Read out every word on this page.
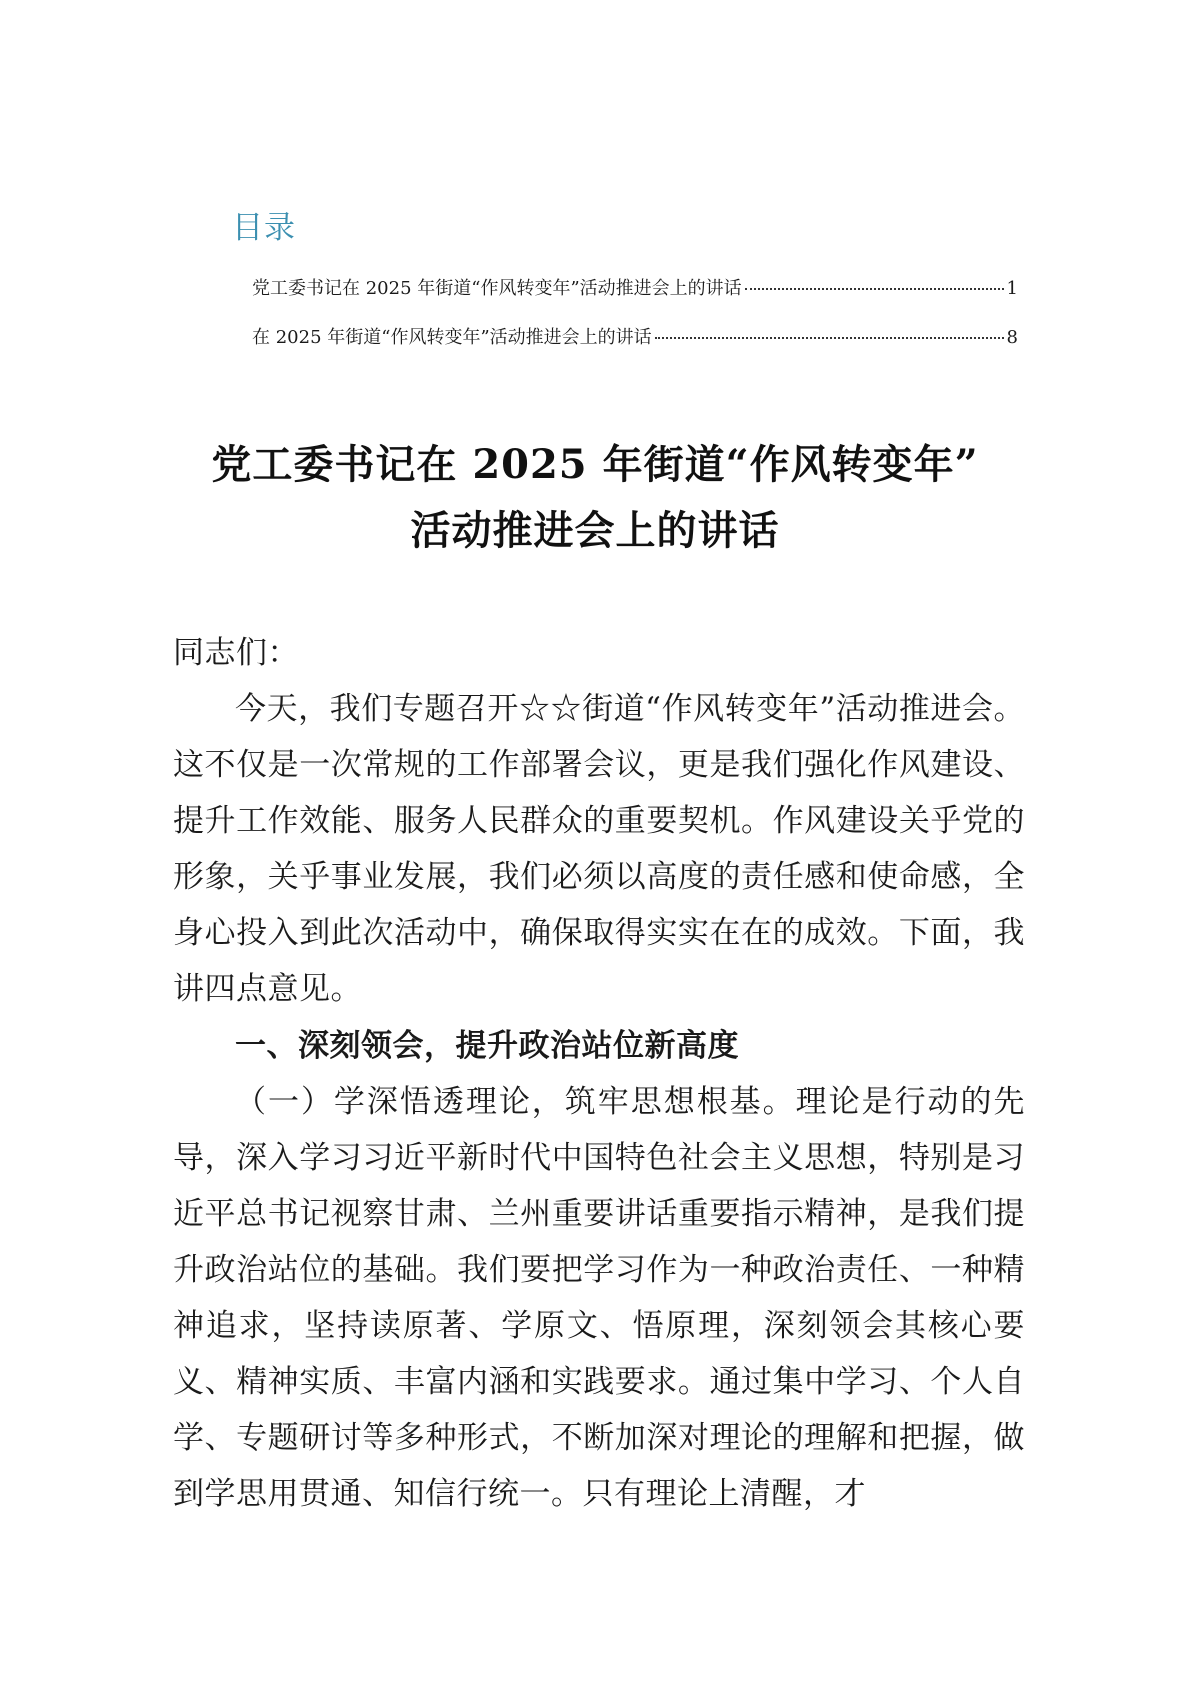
目录
党工委书记在 2025 年街道“作风转变年”活动推进会上的讲话	1
在 2025 年街道“作风转变年”活动推进会上的讲话	8
党工委书记在 2025 年街道“作风转变年”
活动推进会上的讲话
同志们：
今天，我们专题召开☆☆街道“作风转变年”活动推进会。这不仅是一次常规的工作部署会议，更是我们强化作风建设、提升工作效能、服务人民群众的重要契机。作风建设关乎党的形象，关乎事业发展，我们必须以高度的责任感和使命感，全身心投入到此次活动中，确保取得实实在在的成效。下面，我讲四点意见。
一、深刻领会，提升政治站位新高度
（一）学深悟透理论，筑牢思想根基。理论是行动的先导，深入学习习近平新时代中国特色社会主义思想，特别是习近平总书记视察甘肃、兰州重要讲话重要指示精神，是我们提升政治站位的基础。我们要把学习作为一种政治责任、一种精神追求，坚持读原著、学原文、悟原理，深刻领会其核心要义、精神实质、丰富内涵和实践要求。通过集中学习、个人自学、专题研讨等多种形式，不断加深对理论的理解和把握，做到学思用贯通、知信行统一。只有理论上清醒，才
